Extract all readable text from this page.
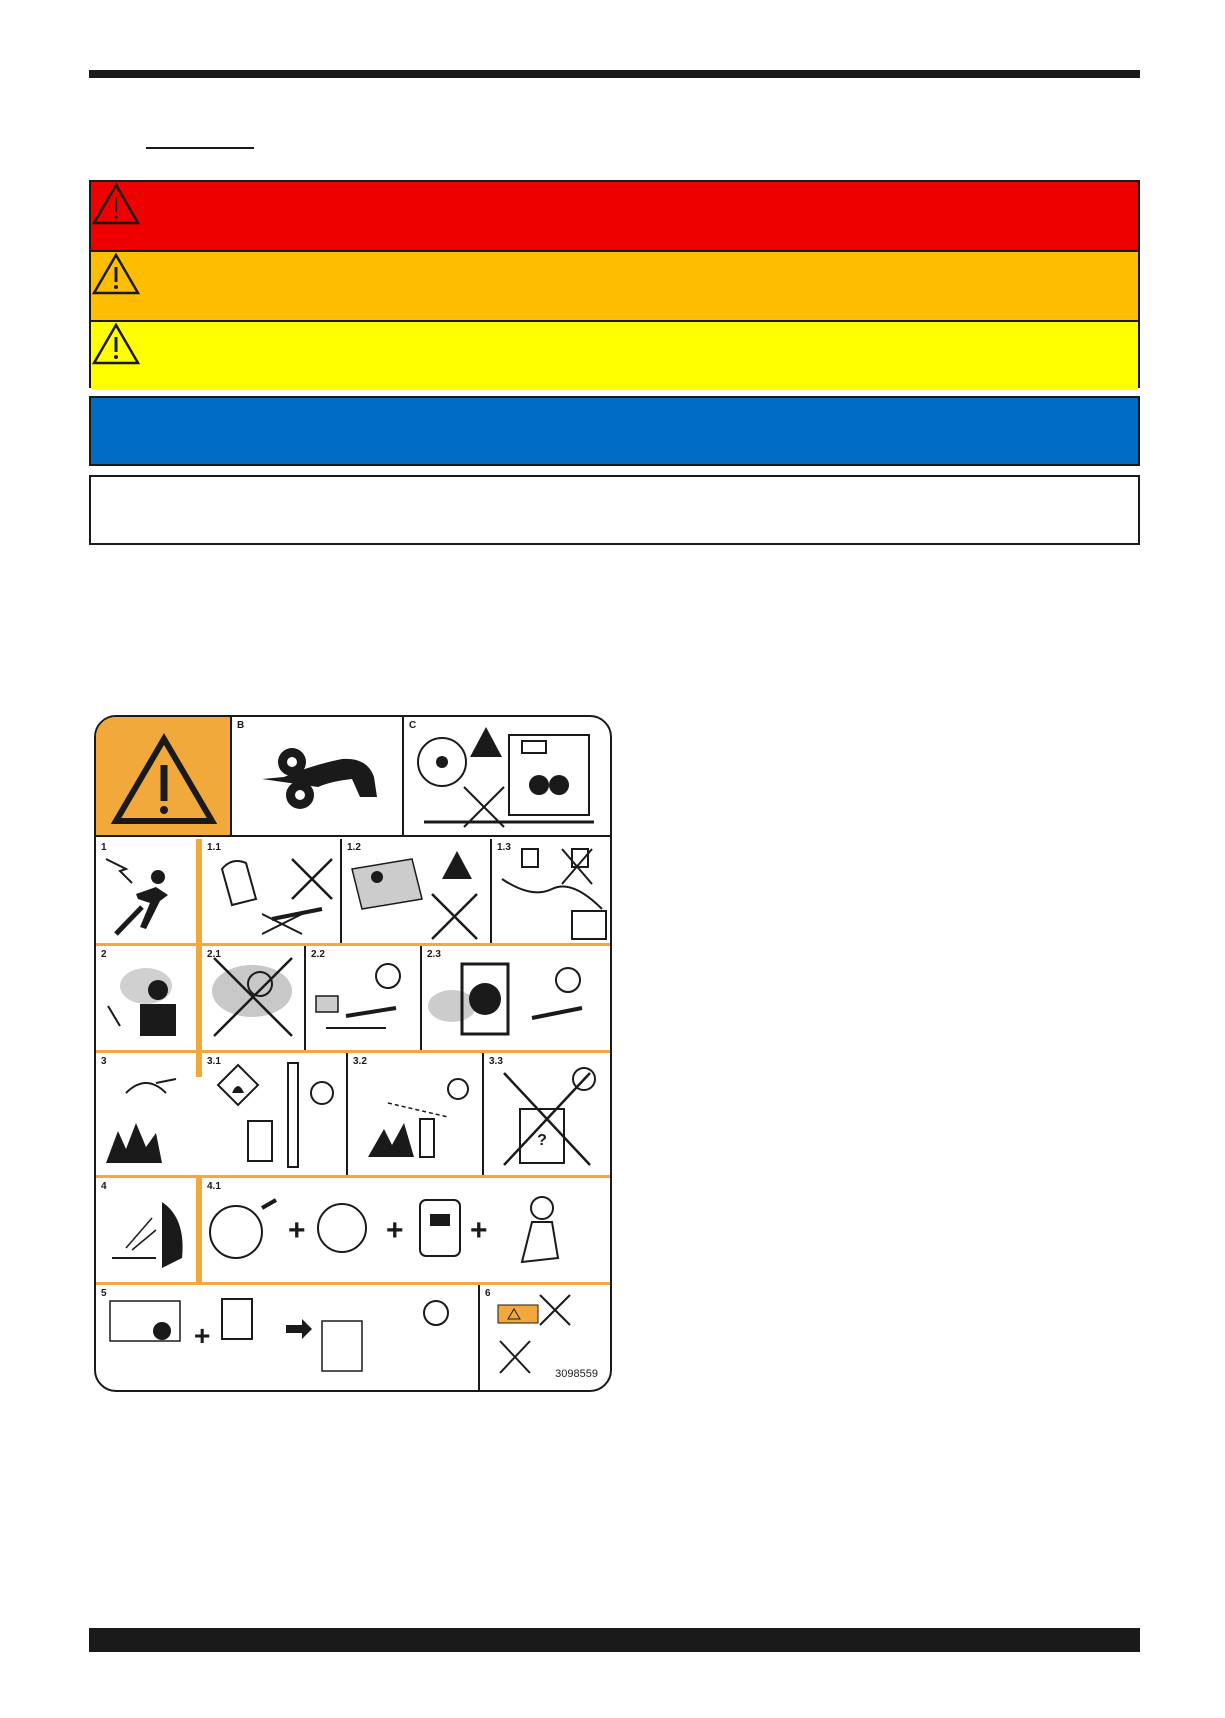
B	C
1	1.1	1.2	1.3
2	2.1	2.2	2.3
3	3.1	3.2	3.3
?
4	4.1
+	+ +
5
+
6
3098559
